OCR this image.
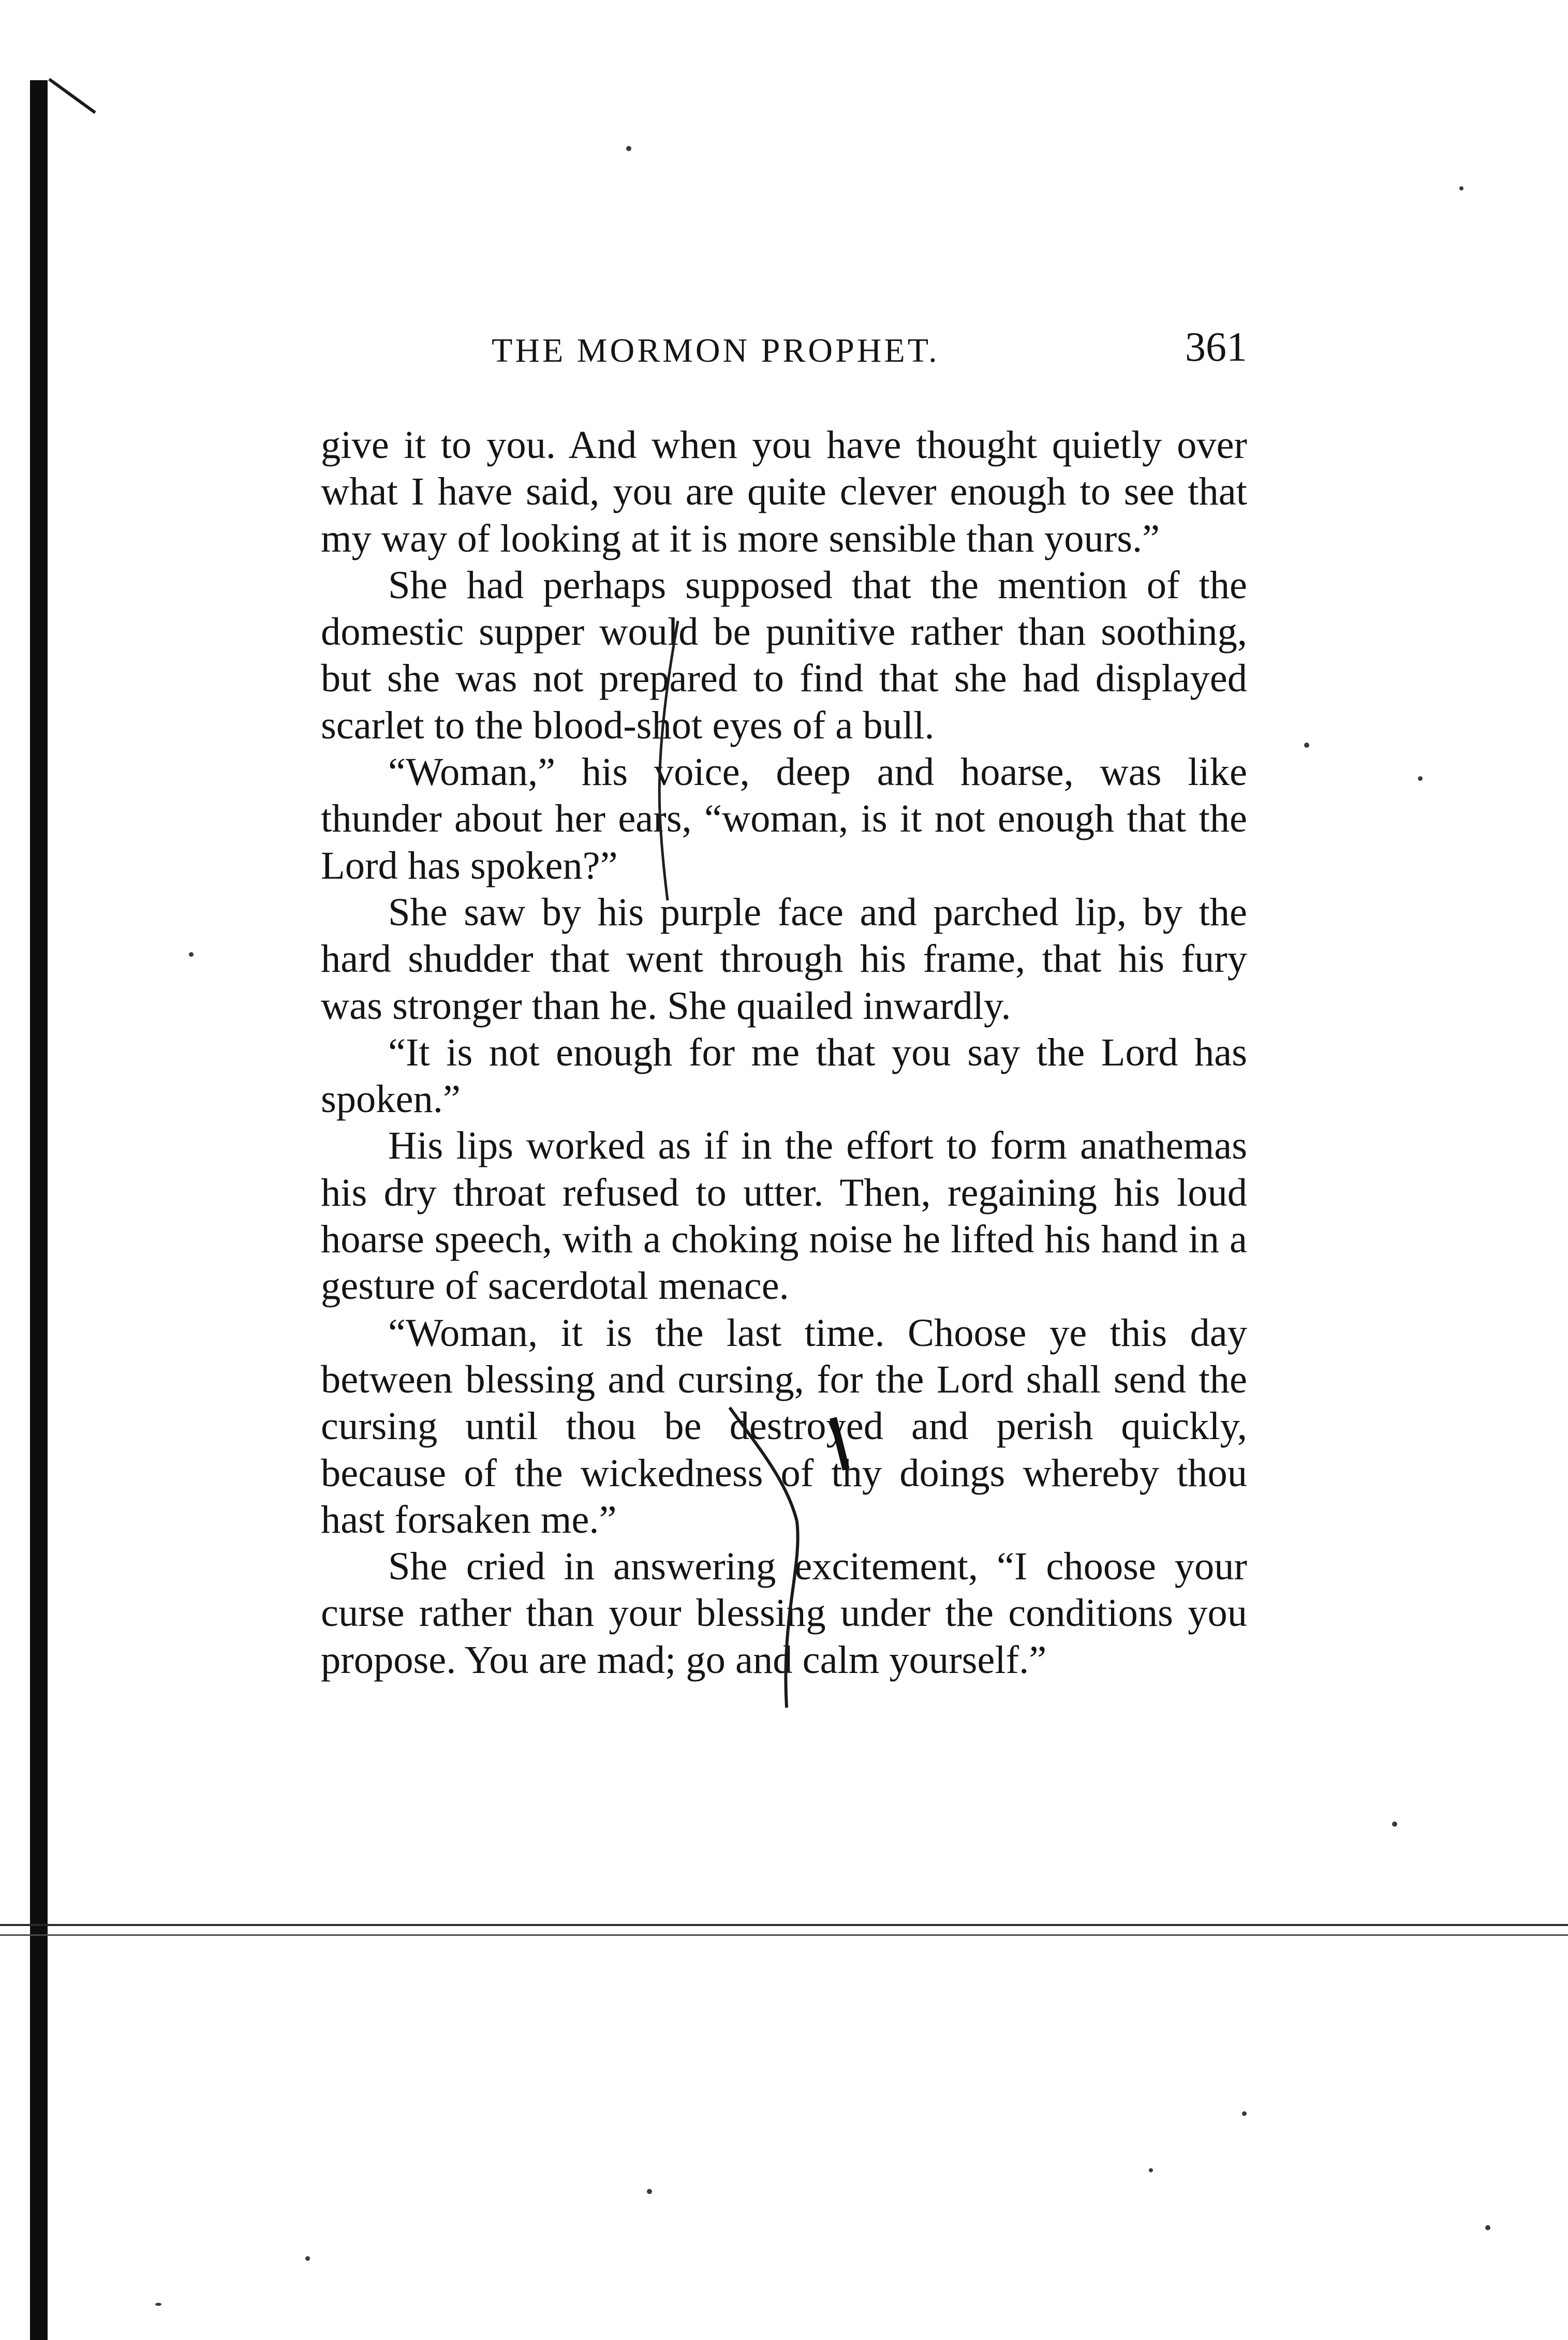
THE MORMON PROPHET.	361

give it to you. And when you have thought quietly over what I have said, you are quite clever enough to see that my way of looking at it is more sensible than yours.”

She had perhaps supposed that the mention of the domestic supper would be punitive rather than soothing, but she was not prepared to find that she had displayed scarlet to the blood-shot eyes of a bull.

“Woman,” his voice, deep and hoarse, was like thunder about her ears, “woman, is it not enough that the Lord has spoken?”

She saw by his purple face and parched lip, by the hard shudder that went through his frame, that his fury was stronger than he. She quailed inwardly.

“It is not enough for me that you say the Lord has spoken.”

His lips worked as if in the effort to form anathemas his dry throat refused to utter. Then, regaining his loud hoarse speech, with a choking noise he lifted his hand in a gesture of sacerdotal menace.

“Woman, it is the last time. Choose ye this day between blessing and cursing, for the Lord shall send the cursing until thou be destroyed and perish quickly, because of the wickedness of thy doings whereby thou hast forsaken me.”

She cried in answering excitement, “I choose your curse rather than your blessing under the conditions you propose. You are mad; go and calm yourself.”
